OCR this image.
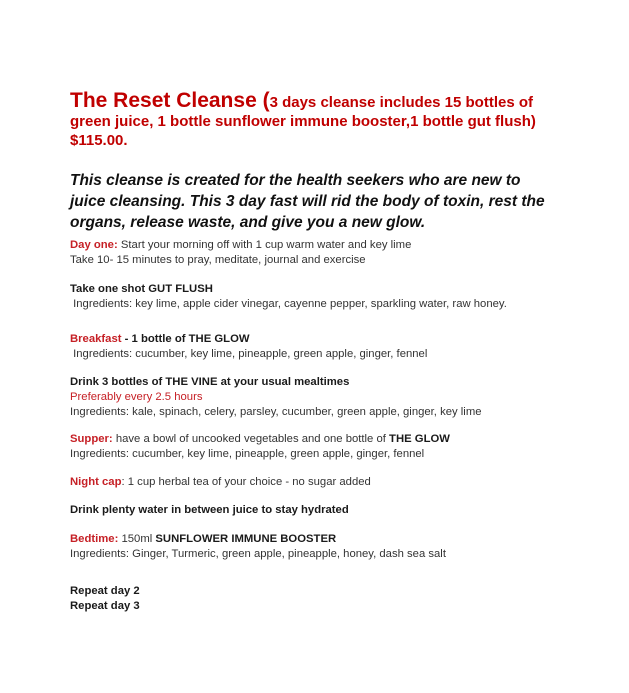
The Reset Cleanse (3 days cleanse includes 15 bottles of
green juice, 1 bottle sunflower immune booster,1 bottle gut flush)
$115.00.
This cleanse is created for the health seekers who are new to juice cleansing. This 3 day fast will rid the body of toxin, rest the organs, release waste, and give you a new glow.
Day one: Start your morning off with 1 cup warm water and key lime
Take 10- 15 minutes to pray, meditate, journal and exercise
Take one shot GUT FLUSH
Ingredients: key lime, apple cider vinegar, cayenne pepper, sparkling water, raw honey.
Breakfast - 1 bottle of THE GLOW
Ingredients: cucumber, key lime, pineapple, green apple, ginger, fennel
Drink 3 bottles of THE VINE at your usual mealtimes
Preferably every 2.5 hours
Ingredients: kale, spinach, celery, parsley, cucumber, green apple, ginger, key lime
Supper: have a bowl of uncooked vegetables and one bottle of THE GLOW
Ingredients: cucumber, key lime, pineapple, green apple, ginger, fennel
Night cap: 1 cup herbal tea of your choice - no sugar added
Drink plenty water in between juice to stay hydrated
Bedtime: 150ml SUNFLOWER IMMUNE BOOSTER
Ingredients: Ginger, Turmeric, green apple, pineapple, honey, dash sea salt
Repeat day 2
Repeat day 3
